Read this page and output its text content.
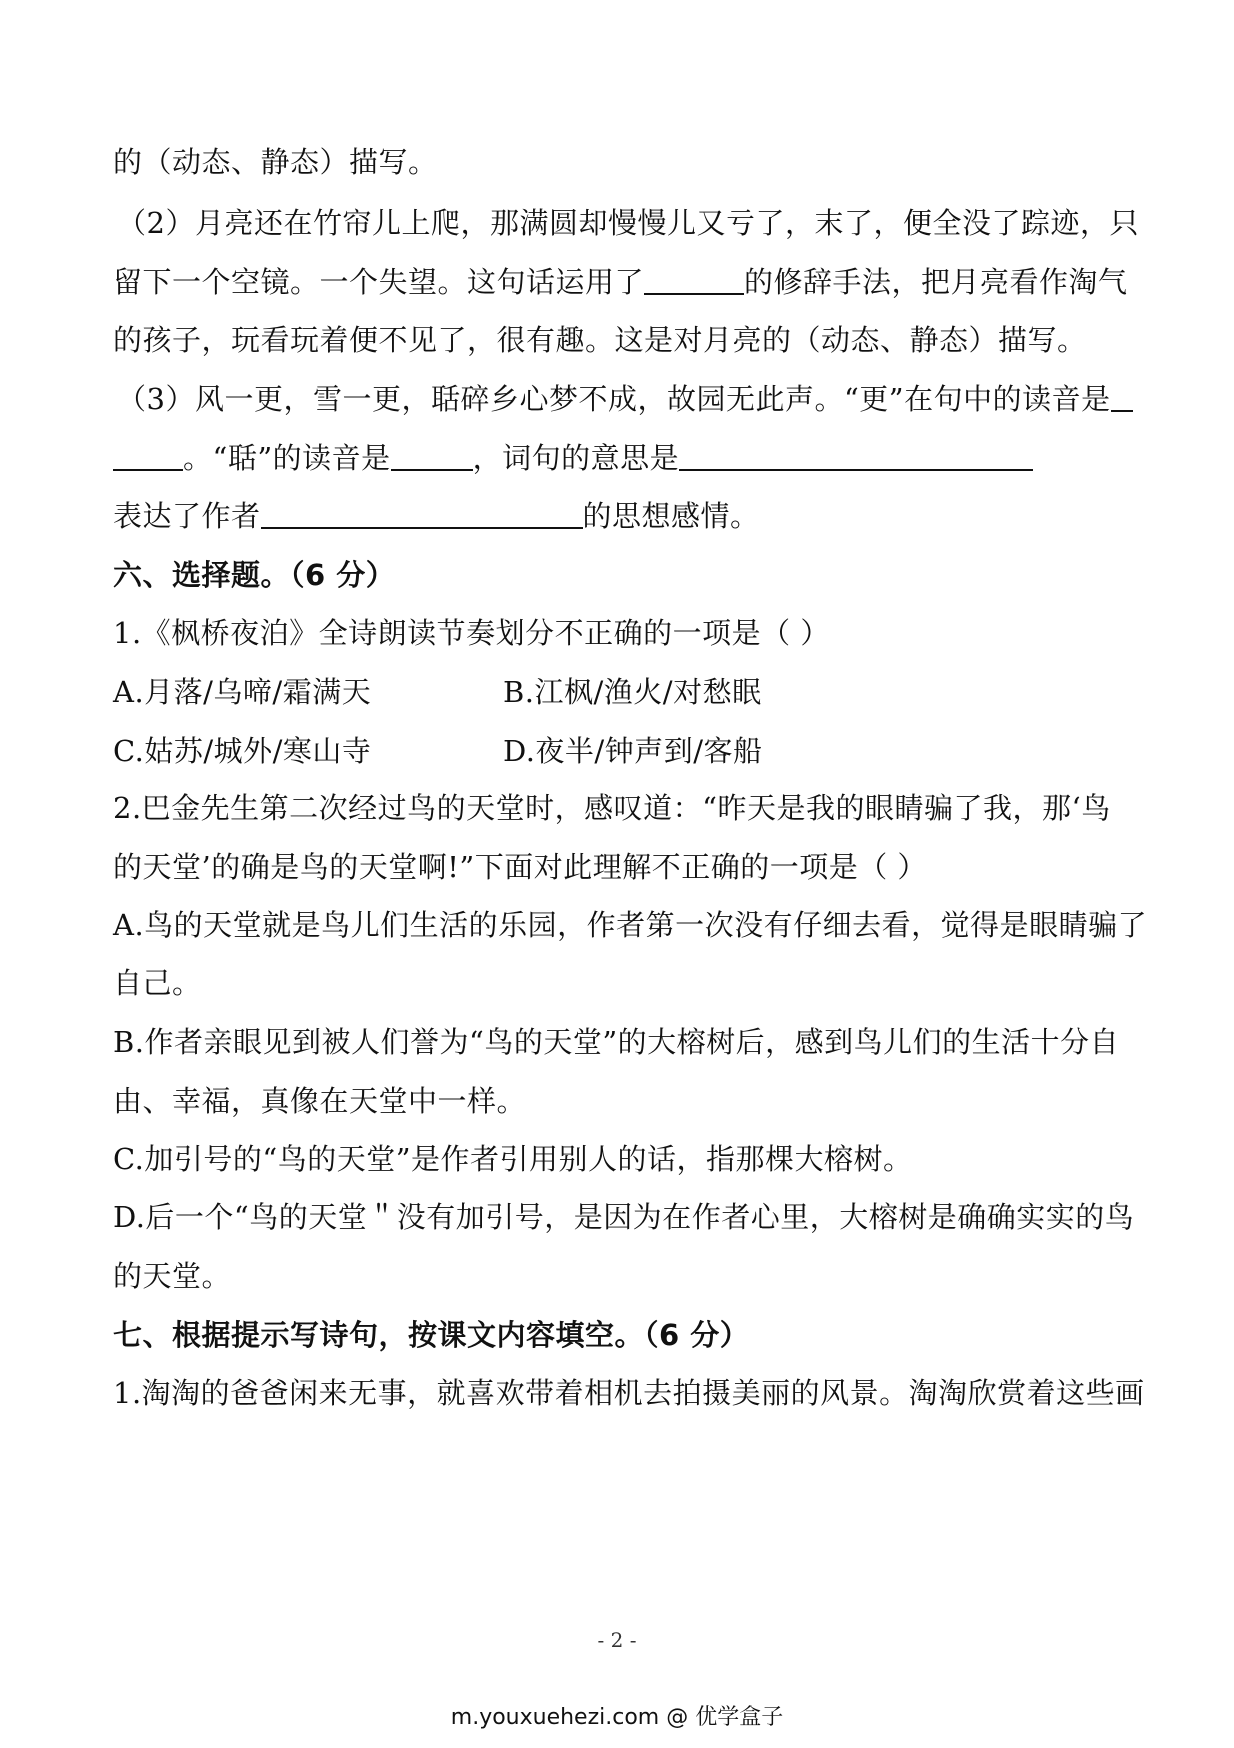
的（动态、静态）描写。
（2）月亮还在竹帘儿上爬，那满圆却慢慢儿又亏了，末了，便全没了踪迹，只
留下一个空镜。一个失望。这句话运用了	的修辞手法，把月亮看作淘气
的孩子，玩看玩着便不见了，很有趣。这是对月亮的（动态、静态）描写。
（3）风一更，雪一更，聒碎乡心梦不成，故园无此声。“更”在句中的读音是
。“聒”的读音是	，词句的意思是
表达了作者	的思想感情。
六、选择题。（6 分）
1.《枫桥夜泊》全诗朗读节奏划分不正确的一项是（ ）
A.月落/乌啼/霜满天	B.江枫/渔火/对愁眠
C.姑苏/城外/寒山寺	D.夜半/钟声到/客船
2.巴金先生第二次经过鸟的天堂时，感叹道：“昨天是我的眼睛骗了我，那‘鸟
的天堂’的确是鸟的天堂啊!”下面对此理解不正确的一项是（ ）
A.鸟的天堂就是鸟儿们生活的乐园，作者第一次没有仔细去看，觉得是眼睛骗了
自己。
B.作者亲眼见到被人们誉为“鸟的天堂”的大榕树后，感到鸟儿们的生活十分自
由、幸福，真像在天堂中一样。
C.加引号的“鸟的天堂”是作者引用别人的话，指那棵大榕树。
D.后一个“鸟的天堂＂没有加引号，是因为在作者心里，大榕树是确确实实的鸟
的天堂。
七、根据提示写诗句，按课文内容填空。（6 分）
1.淘淘的爸爸闲来无事，就喜欢带着相机去拍摄美丽的风景。淘淘欣赏着这些画
- 2 -
m.youxuehezi.com @ 优学盒子
